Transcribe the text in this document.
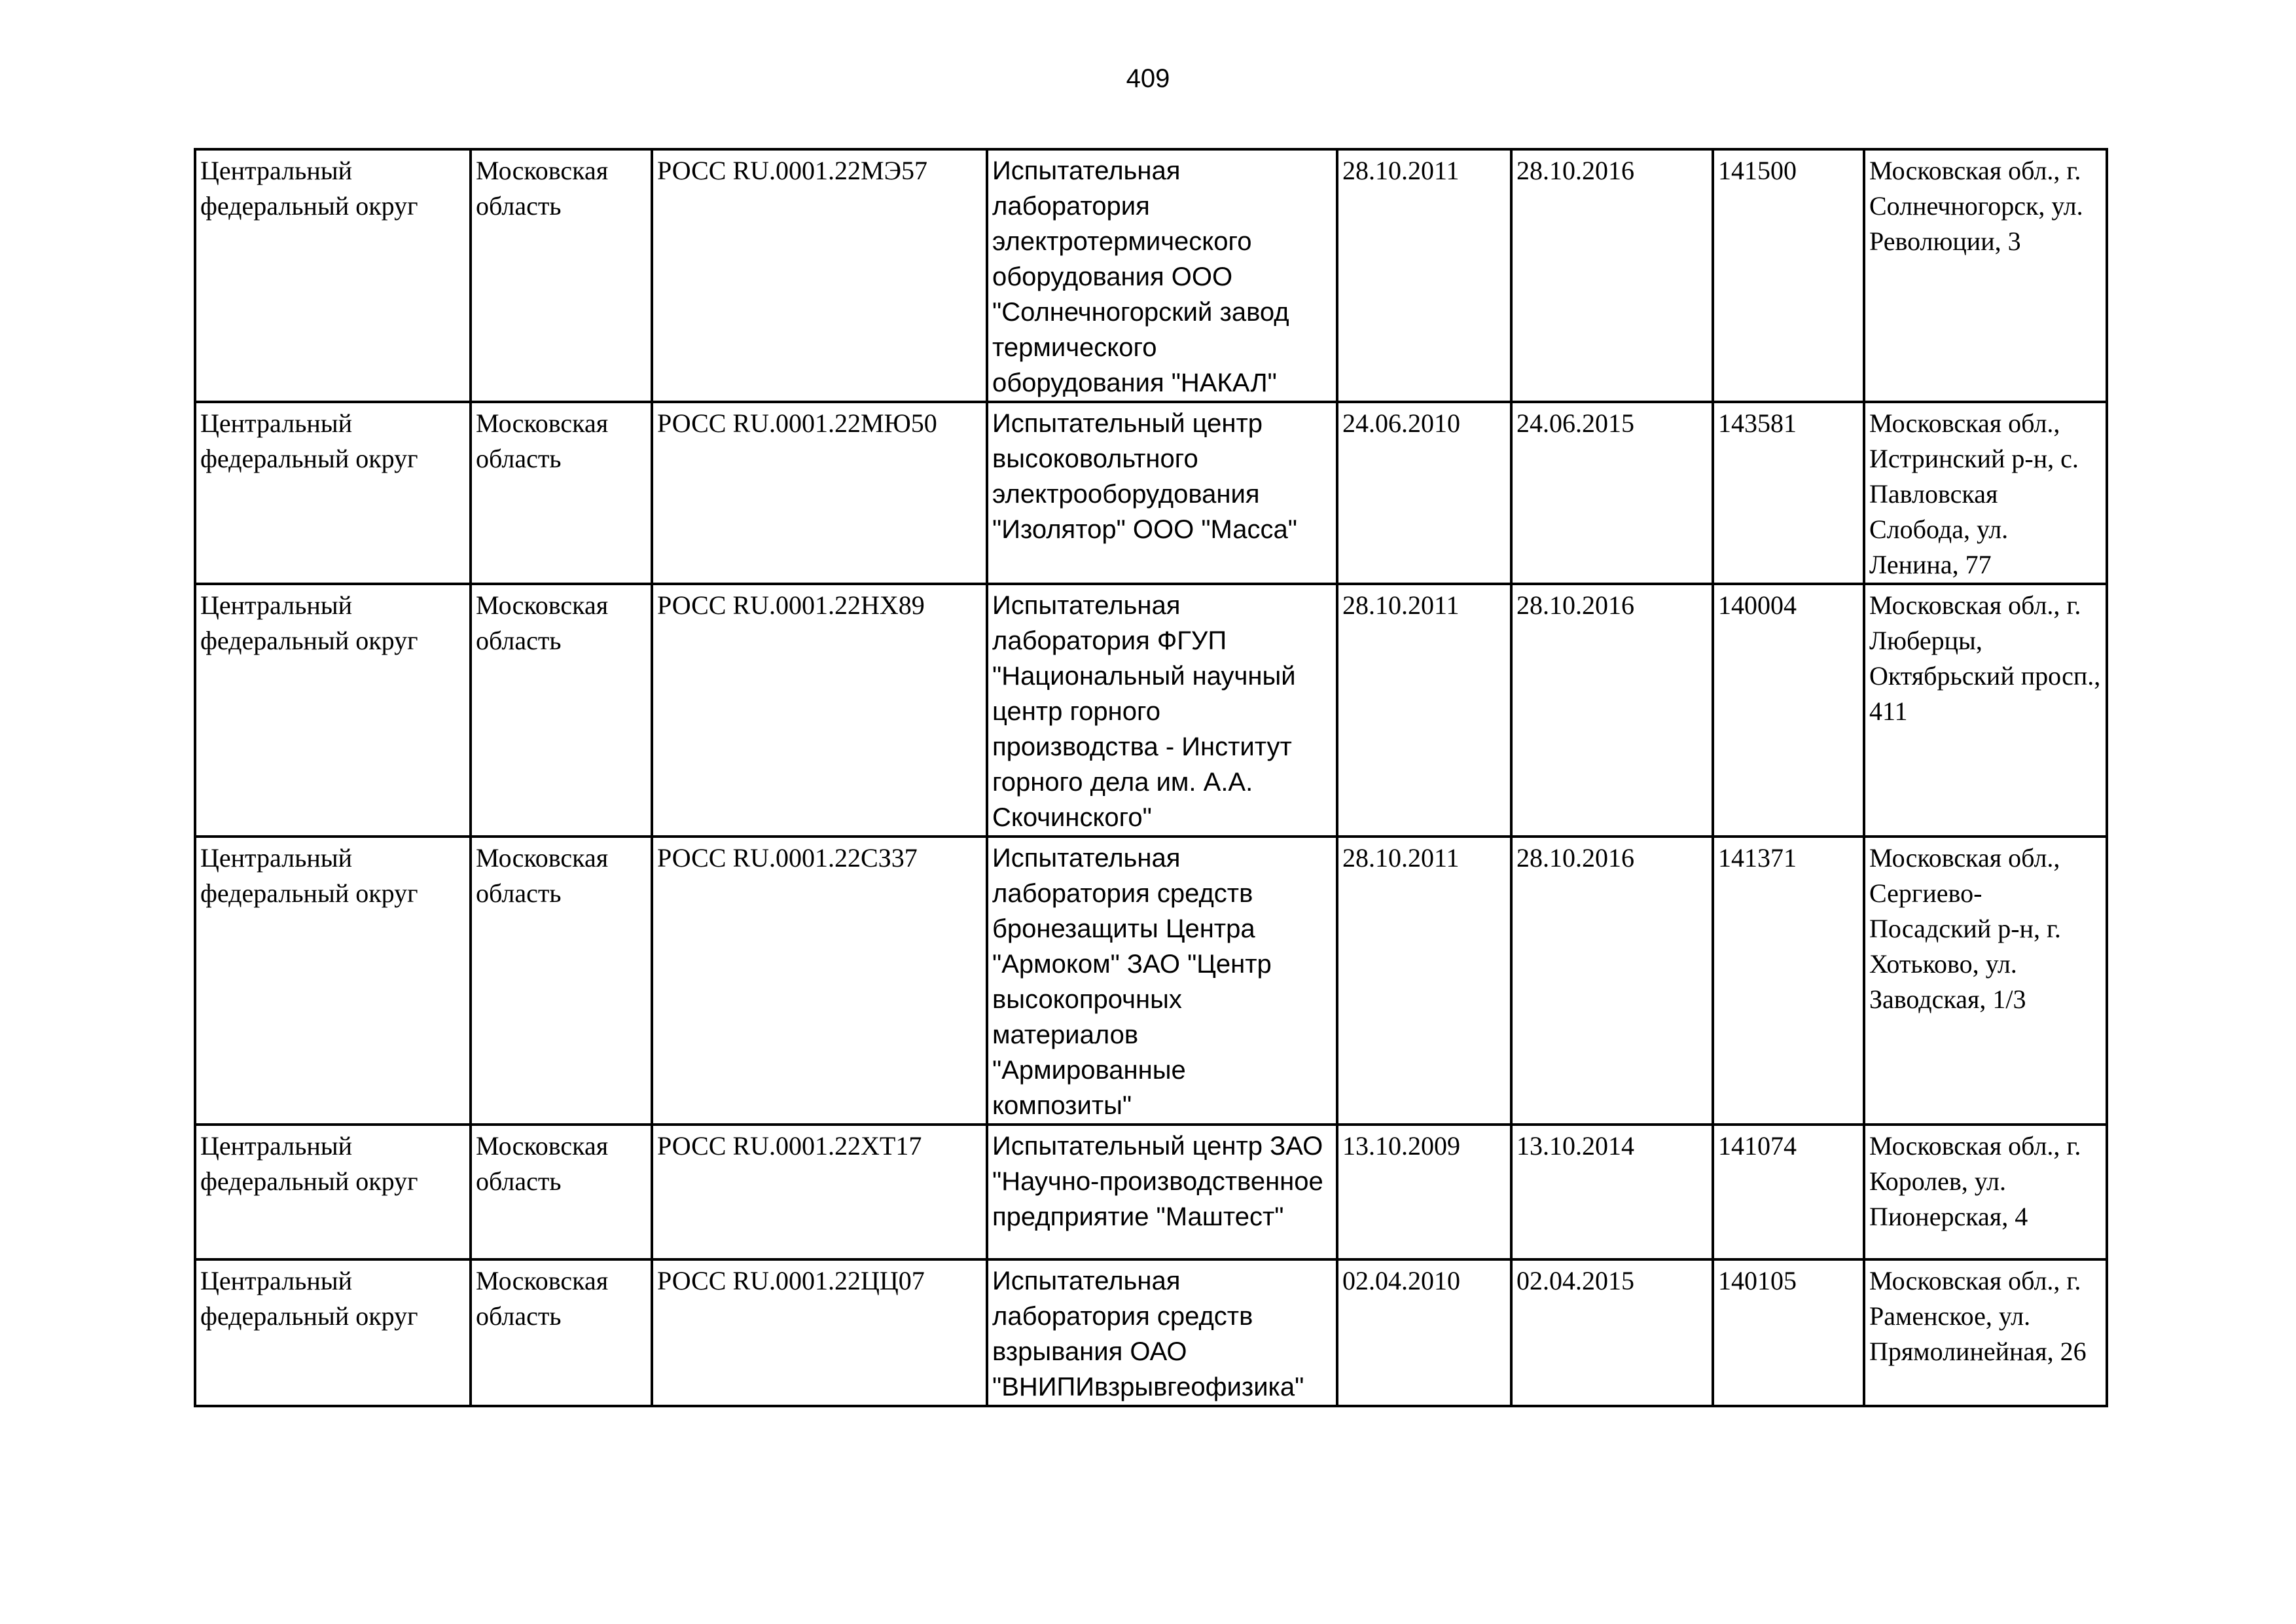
409
Центральный федеральный округ	Московская область	РОСС RU.0001.22МЭ57	Испытательная лаборатория электротермического оборудования ООО "Солнечногорский завод термического оборудования "НАКАЛ"	28.10.2011	28.10.2016	141500	Московская обл., г. Солнечногорск, ул. Революции, 3
Центральный федеральный округ	Московская область	РОСС RU.0001.22МЮ50	Испытательный центр высоковольтного электрооборудования "Изолятор" ООО "Масса"	24.06.2010	24.06.2015	143581	Московская обл., Истринский р-н, с. Павловская Слобода, ул. Ленина, 77
Центральный федеральный округ	Московская область	РОСС RU.0001.22НХ89	Испытательная лаборатория ФГУП "Национальный научный центр горного производства - Институт горного дела им. А.А. Скочинского"	28.10.2011	28.10.2016	140004	Московская обл., г. Люберцы, Октябрьский просп., 411
Центральный федеральный округ	Московская область	РОСС RU.0001.22СЗ37	Испытательная лаборатория средств бронезащиты Центра "Армоком" ЗАО "Центр высокопрочных материалов "Армированные композиты"	28.10.2011	28.10.2016	141371	Московская обл., Сергиево-Посадский р-н, г. Хотьково, ул. Заводская, 1/3
Центральный федеральный округ	Московская область	РОСС RU.0001.22ХТ17	Испытательный центр ЗАО "Научно-производственное предприятие "Маштест"	13.10.2009	13.10.2014	141074	Московская обл., г. Королев, ул. Пионерская, 4
Центральный федеральный округ	Московская область	РОСС RU.0001.22ЦЦ07	Испытательная лаборатория средств взрывания ОАО "ВНИПИвзрывгеофизика"	02.04.2010	02.04.2015	140105	Московская обл., г. Раменское, ул. Прямолинейная, 26
